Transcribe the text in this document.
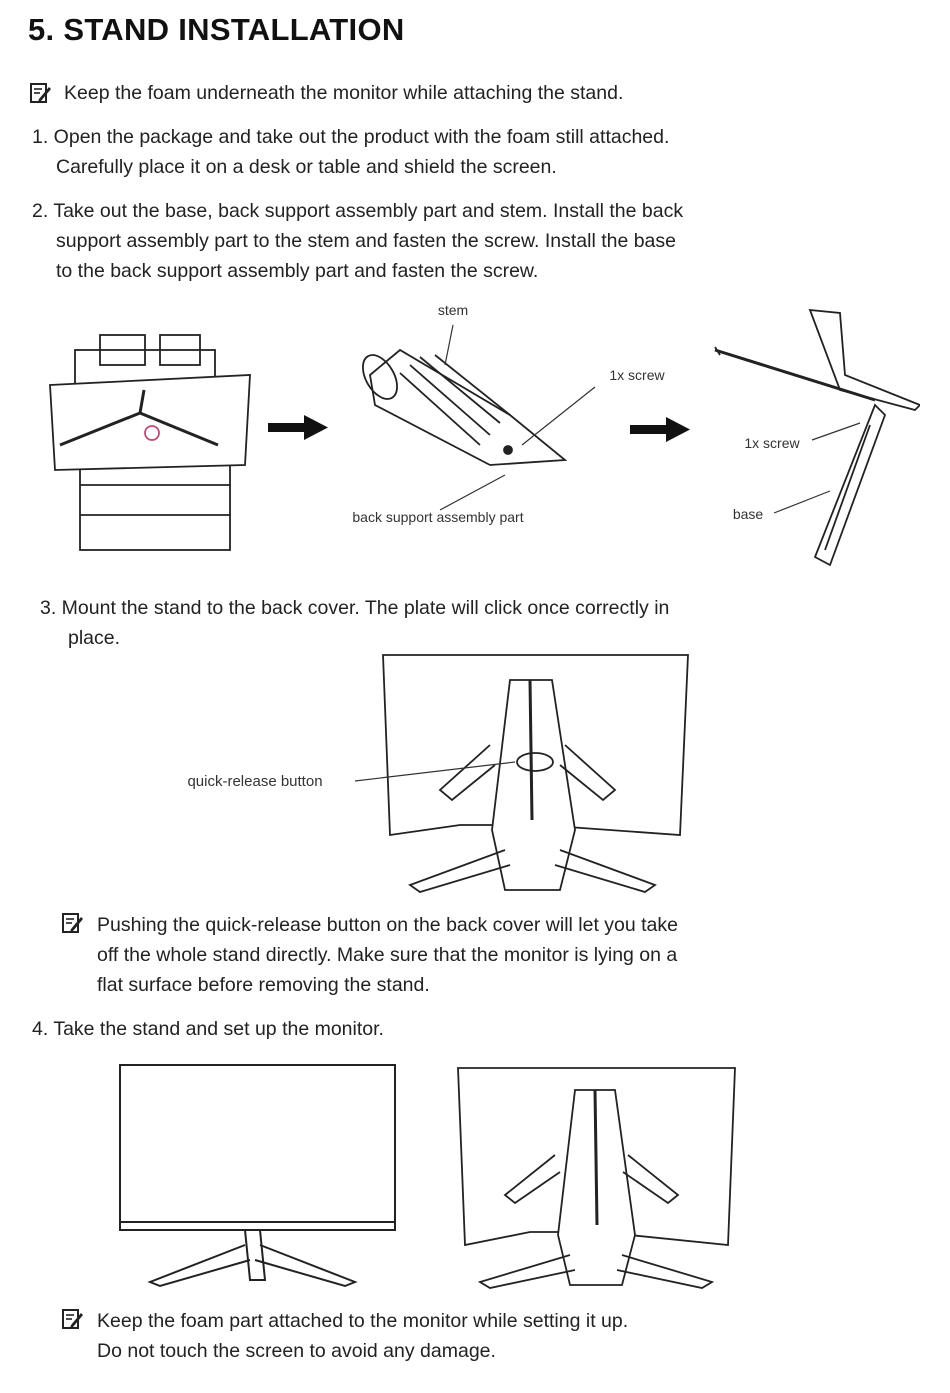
5. STAND INSTALLATION
Keep the foam underneath the monitor while attaching the stand.
1. Open the package and take out the product with the foam still attached.
Carefully place it on a desk or table and shield the screen.
2. Take out the base, back support assembly part and stem. Install the back
support assembly part to the stem and fasten the screw. Install the base
to the back support assembly part and fasten the screw.
stem
1x screw
back support assembly part
1x screw
base
3. Mount the stand to the back cover. The plate will click once correctly in
place.
quick-release button
Pushing the quick-release button on the back cover will let you take
off the whole stand directly. Make sure that the monitor is lying on a
flat surface before removing the stand.
4. Take the stand and set up the monitor.
Keep the foam part attached to the monitor while setting it up.
Do not touch the screen to avoid any damage.
